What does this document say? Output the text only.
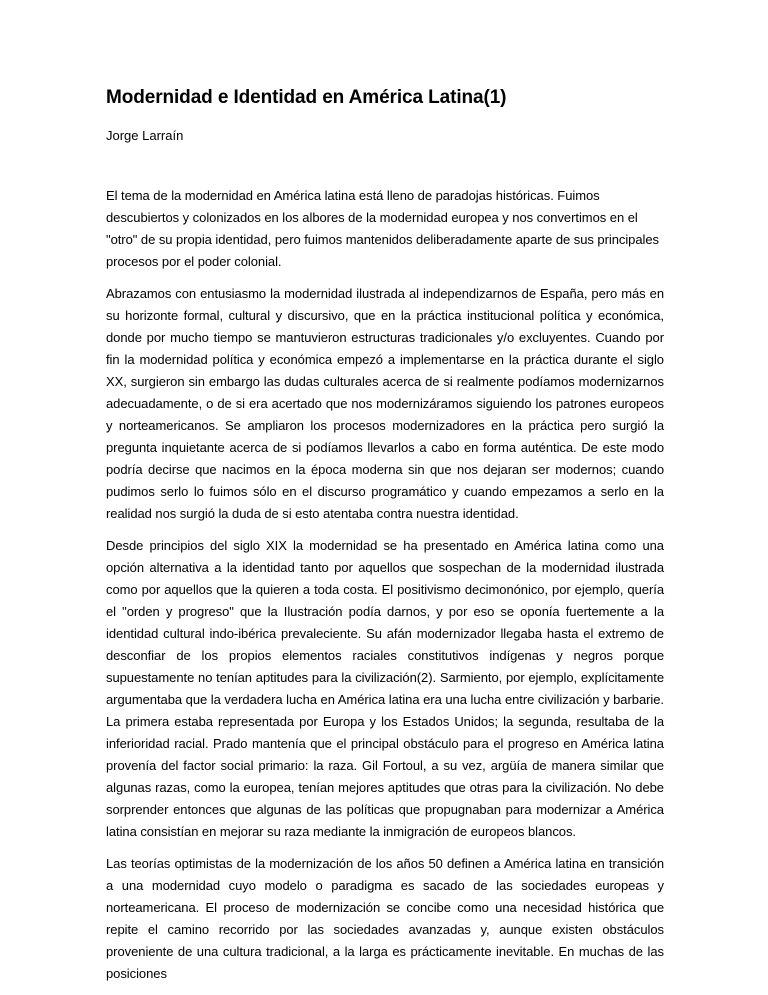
Modernidad e Identidad en América Latina(1)

Jorge Larraín

El tema de la modernidad en América latina está lleno de paradojas históricas. Fuimos descubiertos y colonizados en los albores de la modernidad europea y nos convertimos en el "otro" de su propia identidad, pero fuimos mantenidos deliberadamente aparte de sus principales procesos por el poder colonial.

Abrazamos con entusiasmo la modernidad ilustrada al independizarnos de España, pero más en su horizonte formal, cultural y discursivo, que en la práctica institucional política y económica, donde por mucho tiempo se mantuvieron estructuras tradicionales y/o excluyentes. Cuando por fin la modernidad política y económica empezó a implementarse en la práctica durante el siglo XX, surgieron sin embargo las dudas culturales acerca de si realmente podíamos modernizarnos adecuadamente, o de si era acertado que nos modernizáramos siguiendo los patrones europeos y norteamericanos. Se ampliaron los procesos modernizadores en la práctica pero surgió la pregunta inquietante acerca de si podíamos llevarlos a cabo en forma auténtica. De este modo podría decirse que nacimos en la época moderna sin que nos dejaran ser modernos; cuando pudimos serlo lo fuimos sólo en el discurso programático y cuando empezamos a serlo en la realidad nos surgió la duda de si esto atentaba contra nuestra identidad.

Desde principios del siglo XIX la modernidad se ha presentado en América latina como una opción alternativa a la identidad tanto por aquellos que sospechan de la modernidad ilustrada como por aquellos que la quieren a toda costa. El positivismo decimonónico, por ejemplo, quería el "orden y progreso" que la Ilustración podía darnos, y por eso se oponía fuertemente a la identidad cultural indo-ibérica prevaleciente. Su afán modernizador llegaba hasta el extremo de desconfiar de los propios elementos raciales constitutivos indígenas y negros porque supuestamente no tenían aptitudes para la civilización(2). Sarmiento, por ejemplo, explícitamente argumentaba que la verdadera lucha en América latina era una lucha entre civilización y barbarie. La primera estaba representada por Europa y los Estados Unidos; la segunda, resultaba de la inferioridad racial. Prado mantenía que el principal obstáculo para el progreso en América latina provenía del factor social primario: la raza. Gil Fortoul, a su vez, argüía de manera similar que algunas razas, como la europea, tenían mejores aptitudes que otras para la civilización. No debe sorprender entonces que algunas de las políticas que propugnaban para modernizar a América latina consistían en mejorar su raza mediante la inmigración de europeos blancos.

Las teorías optimistas de la modernización de los años 50 definen a América latina en transición a una modernidad cuyo modelo o paradigma es sacado de las sociedades europeas y norteamericana. El proceso de modernización se concibe como una necesidad histórica que repite el camino recorrido por las sociedades avanzadas y, aunque existen obstáculos proveniente de una cultura tradicional, a la larga es prácticamente inevitable. En muchas de las posiciones
